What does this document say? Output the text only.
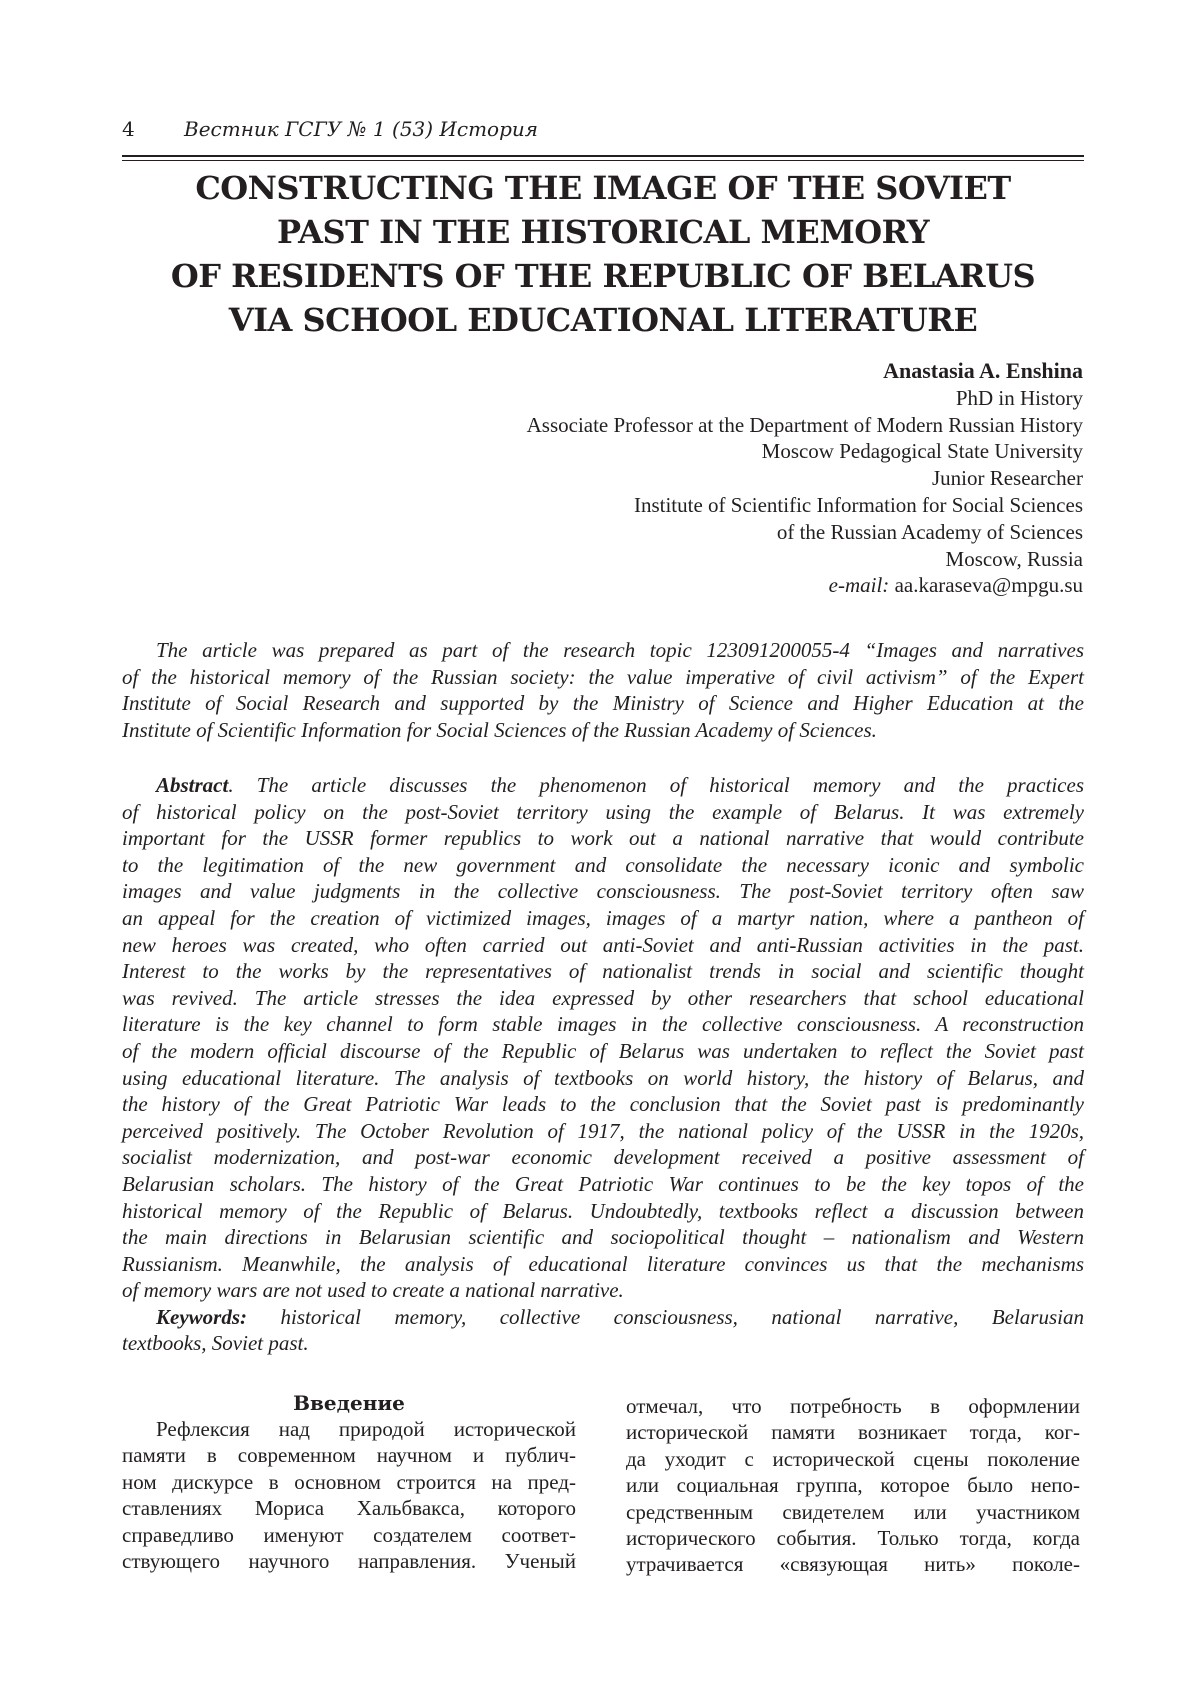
4 Вестник ГСГУ № 1 (53) История
CONSTRUCTING THE IMAGE OF THE SOVIET
PAST IN THE HISTORICAL MEMORY
OF RESIDENTS OF THE REPUBLIC OF BELARUS
VIA SCHOOL EDUCATIONAL LITERATURE
Anastasia A. Enshina
PhD in History
Associate Professor at the Department of Modern Russian History
Moscow Pedagogical State University
Junior Researcher
Institute of Scientific Information for Social Sciences
of the Russian Academy of Sciences
Moscow, Russia
e-mail: aa.karaseva@mpgu.su
The article was prepared as part of the research topic 123091200055-4 “Images and narratives
of the historical memory of the Russian society: the value imperative of civil activism” of the Expert
Institute of Social Research and supported by the Ministry of Science and Higher Education at the
Institute of Scientific Information for Social Sciences of the Russian Academy of Sciences.
Abstract. The article discusses the phenomenon of historical memory and the practices
of historical policy on the post-Soviet territory using the example of Belarus. It was extremely
important for the USSR former republics to work out a national narrative that would contribute
to the legitimation of the new government and consolidate the necessary iconic and symbolic
images and value judgments in the collective consciousness. The post-Soviet territory often saw
an appeal for the creation of victimized images, images of a martyr nation, where a pantheon of
new heroes was created, who often carried out anti-Soviet and anti-Russian activities in the past.
Interest to the works by the representatives of nationalist trends in social and scientific thought
was revived. The article stresses the idea expressed by other researchers that school educational
literature is the key channel to form stable images in the collective consciousness. A reconstruction
of the modern official discourse of the Republic of Belarus was undertaken to reflect the Soviet past
using educational literature. The analysis of textbooks on world history, the history of Belarus, and
the history of the Great Patriotic War leads to the conclusion that the Soviet past is predominantly
perceived positively. The October Revolution of 1917, the national policy of the USSR in the 1920s,
socialist modernization, and post-war economic development received a positive assessment of
Belarusian scholars. The history of the Great Patriotic War continues to be the key topos of the
historical memory of the Republic of Belarus. Undoubtedly, textbooks reflect a discussion between
the main directions in Belarusian scientific and sociopolitical thought – nationalism and Western
Russianism. Meanwhile, the analysis of educational literature convinces us that the mechanisms
of memory wars are not used to create a national narrative.
Keywords: historical memory, collective consciousness, national narrative, Belarusian
textbooks, Soviet past.
Введение
Рефлексия над природой исторической
памяти в современном научном и публич-
ном дискурсе в основном строится на пред-
ставлениях Мориса Хальбвакса, которого
справедливо именуют создателем соответ-
ствующего научного направления. Ученый
отмечал, что потребность в оформлении
исторической памяти возникает тогда, ког-
да уходит с исторической сцены поколение
или социальная группа, которое было непо-
средственным свидетелем или участником
исторического события. Только тогда, когда
утрачивается «связующая нить» поколе-
